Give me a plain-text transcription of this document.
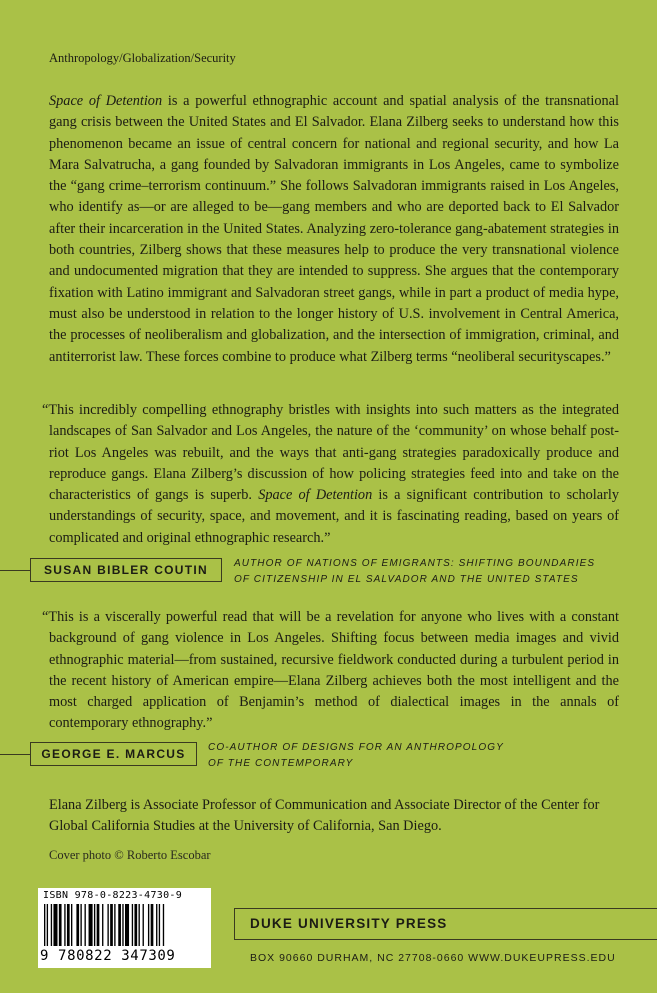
Anthropology/Globalization/Security
Space of Detention is a powerful ethnographic account and spatial analysis of the transnational gang crisis between the United States and El Salvador. Elana Zilberg seeks to understand how this phenomenon became an issue of central concern for national and regional security, and how La Mara Salvatrucha, a gang founded by Salvadoran immigrants in Los Angeles, came to symbolize the “gang crime–terrorism continuum.” She follows Salvadoran immigrants raised in Los Angeles, who identify as—or are alleged to be—gang members and who are deported back to El Salvador after their incarceration in the United States. Analyzing zero-tolerance gang-abatement strategies in both countries, Zilberg shows that these measures help to produce the very transnational violence and undocumented migration that they are intended to suppress. She argues that the contemporary fixation with Latino immigrant and Salvadoran street gangs, while in part a product of media hype, must also be understood in relation to the longer history of U.S. involvement in Central America, the processes of neoliberalism and globalization, and the intersection of immigration, criminal, and antiterrorist law. These forces combine to produce what Zilberg terms “neoliberal securityscapes.”
“This incredibly compelling ethnography bristles with insights into such matters as the integrated landscapes of San Salvador and Los Angeles, the nature of the ‘community’ on whose behalf post-riot Los Angeles was rebuilt, and the ways that anti-gang strategies paradoxically produce and reproduce gangs. Elana Zilberg’s discussion of how policing strategies feed into and take on the characteristics of gangs is superb. Space of Detention is a significant contribution to scholarly understandings of security, space, and movement, and it is fascinating reading, based on years of complicated and original ethnographic research.”
SUSAN BIBLER COUTIN	AUTHOR OF NATIONS OF EMIGRANTS: SHIFTING BOUNDARIES
OF CITIZENSHIP IN EL SALVADOR AND THE UNITED STATES
“This is a viscerally powerful read that will be a revelation for anyone who lives with a constant background of gang violence in Los Angeles. Shifting focus between media images and vivid ethnographic material—from sustained, recursive fieldwork conducted during a turbulent period in the recent history of American empire—Elana Zilberg achieves both the most intelligent and the most charged application of Benjamin’s method of dialectical images in the annals of contemporary ethnography.”
GEORGE E. MARCUS	CO-AUTHOR OF DESIGNS FOR AN ANTHROPOLOGY
OF THE CONTEMPORARY
Elana Zilberg is Associate Professor of Communication and Associate Director of the Center for Global California Studies at the University of California, San Diego.
Cover photo © Roberto Escobar
ISBN 978-0-8223-4730-9
9 780822 347309
DUKE UNIVERSITY PRESS
BOX 90660 DURHAM, NC 27708-0660 WWW.DUKEUPRESS.EDU
